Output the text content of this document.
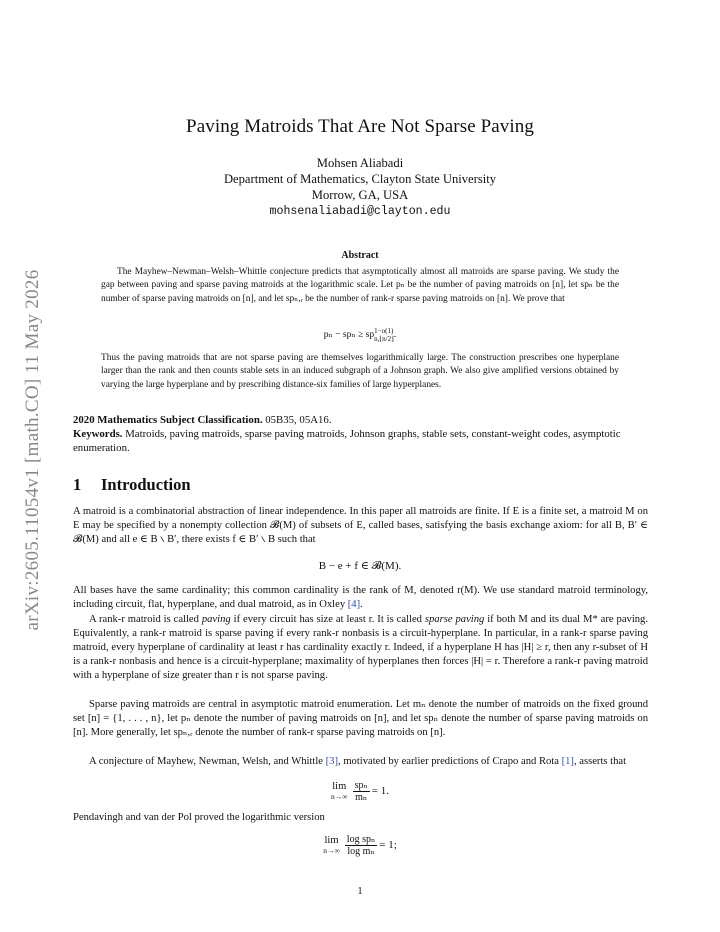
arXiv:2605.11054v1 [math.CO] 11 May 2026
Paving Matroids That Are Not Sparse Paving
Mohsen Aliabadi
Department of Mathematics, Clayton State University
Morrow, GA, USA
mohsenaliabadi@clayton.edu
Abstract
The Mayhew–Newman–Welsh–Whittle conjecture predicts that asymptotically almost all matroids are sparse paving. We study the gap between paving and sparse paving matroids at the logarithmic scale. Let pₙ be the number of paving matroids on [n], let spₙ be the number of sparse paving matroids on [n], and let spₙ,ᵣ be the number of rank-r sparse paving matroids on [n]. We prove that
pₙ − spₙ ≥ sp 1−o(1)
n,⌊n/2⌋ .
Thus the paving matroids that are not sparse paving are themselves logarithmically large. The construction prescribes one hyperplane larger than the rank and then counts stable sets in an induced subgraph of a Johnson graph. We also give amplified versions obtained by varying the large hyperplane and by prescribing distance-six families of large hyperplanes.
2020 Mathematics Subject Classification. 05B35, 05A16.
Keywords. Matroids, paving matroids, sparse paving matroids, Johnson graphs, stable sets, constant-weight codes, asymptotic enumeration.
1 Introduction
A matroid is a combinatorial abstraction of linear independence. In this paper all matroids are finite. If E is a finite set, a matroid M on E may be specified by a nonempty collection 𝓑(M) of subsets of E, called bases, satisfying the basis exchange axiom: for all B, B′ ∈ 𝓑(M) and all e ∈ B ∖ B′, there exists f ∈ B′ ∖ B such that
B − e + f ∈ 𝓑(M).
All bases have the same cardinality; this common cardinality is the rank of M, denoted r(M). We use standard matroid terminology, including circuit, flat, hyperplane, and dual matroid, as in Oxley [4].
A rank-r matroid is called paving if every circuit has size at least r. It is called sparse paving if both M and its dual M* are paving. Equivalently, a rank-r matroid is sparse paving if every rank-r nonbasis is a circuit-hyperplane. In particular, in a rank-r sparse paving matroid, every hyperplane of cardinality at least r has cardinality exactly r. Indeed, if a hyperplane H has |H| ≥ r, then any r-subset of H is a rank-r nonbasis and hence is a circuit-hyperplane; maximality of hyperplanes then forces |H| = r. Therefore a rank-r paving matroid with a hyperplane of size greater than r is not sparse paving.
Sparse paving matroids are central in asymptotic matroid enumeration. Let mₙ denote the number of matroids on the fixed ground set [n] = {1, . . . , n}, let pₙ denote the number of paving matroids on [n], and let spₙ denote the number of sparse paving matroids on [n]. More generally, let spₙ,ᵣ denote the number of rank-r sparse paving matroids on [n].
A conjecture of Mayhew, Newman, Welsh, and Whittle [3], motivated by earlier predictions of Crapo and Rota [1], asserts that
lim
$n\to\infty \frac{\text{spₙ}}{\text{mₙ}} = 1$.
Pendavingh and van der Pol proved the logarithmic version
lim
$n\to\infty \frac{\text{log spₙ}}{\text{log mₙ}} = 1$;
1
